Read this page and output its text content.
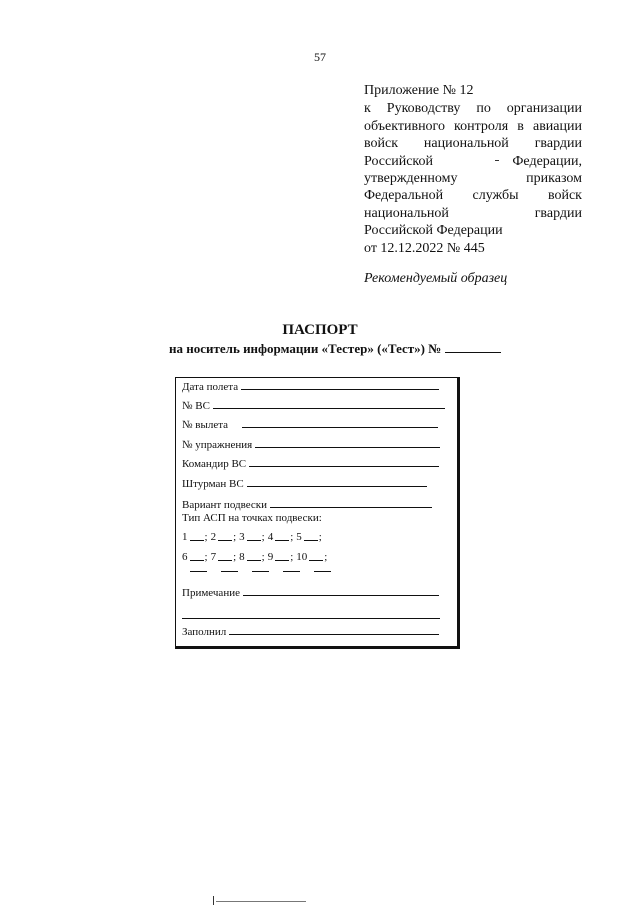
57
Приложение № 12
к Руководству по организации
объективного контроля в авиации
войск национальной гвардии
Российской	Федерации,
утвержденному	приказом
Федеральной службы войск
национальной	гвардии
Российской Федерации
от 12.12.2022 № 445
Рекомендуемый образец
ПАСПОРТ
на носитель информации «Тестер» («Тест») №
Дата полета
№ ВС
№ вылета
№ упражнения
Командир ВС
Штурман ВС
Вариант подвески
Тип АСП на точках подвески:
1 ; 2 ; 3 ; 4 ; 5 ;
6 ; 7 ; 8 ; 9 ; 10 ;
Примечание
Заполнил
